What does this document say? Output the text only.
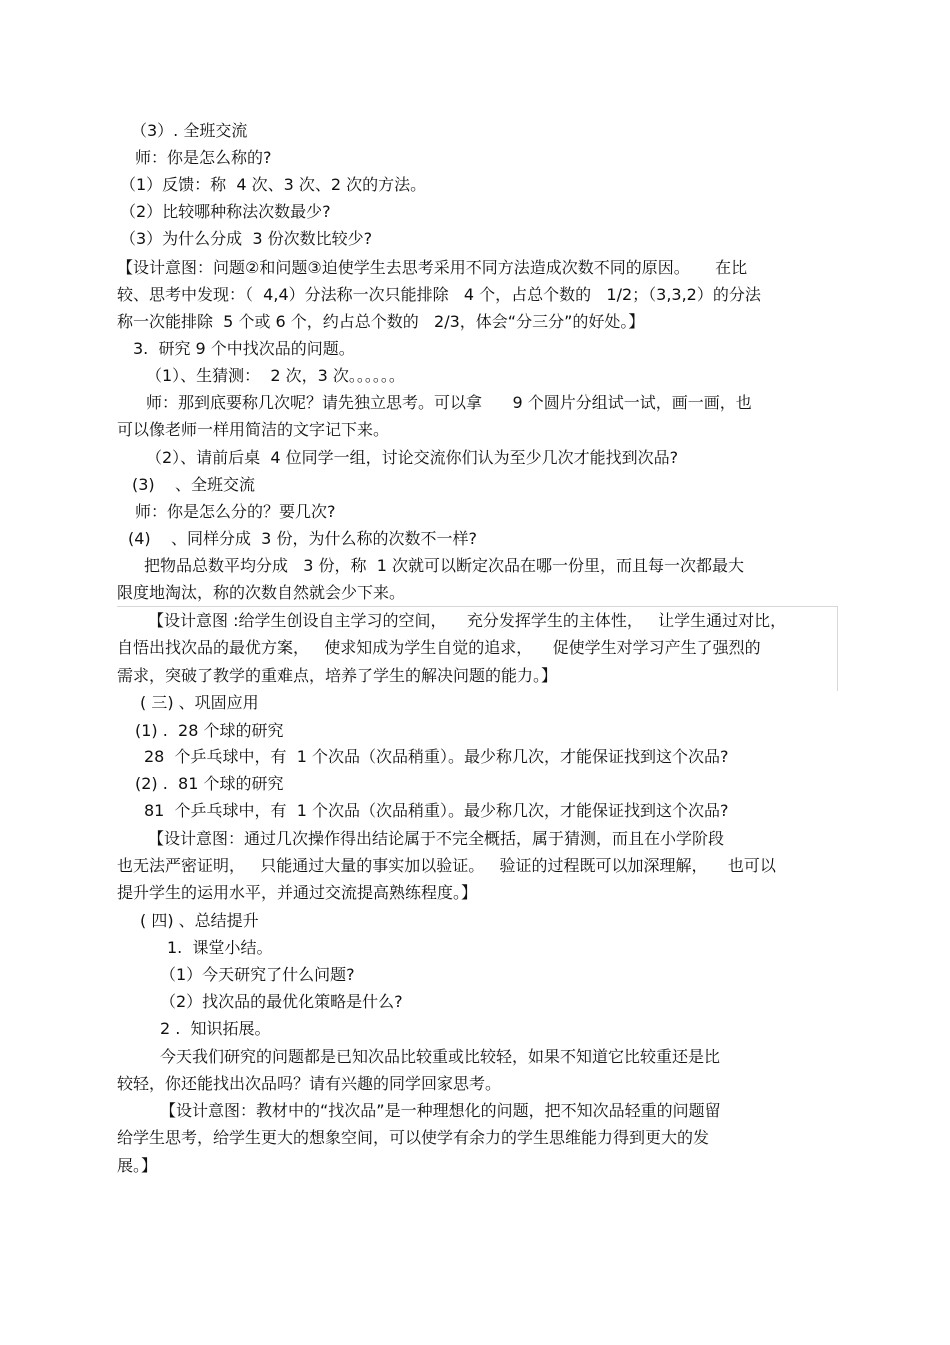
（3）. 全班交流
师：你是怎么称的?
（1）反馈：称  4 次、3 次、2 次的方法。
（2）比较哪种称法次数最少?
（3）为什么分成  3 份次数比较少?
【设计意图：问题②和问题③迫使学生去思考采用不同方法造成次数不同的原因。     在比
较、思考中发现：（  4,4）分法称一次只能排除   4 个，占总个数的   1/2；（3,3,2）的分法
称一次能排除  5 个或 6 个，约占总个数的   2/3，体会“分三分”的好处。】
3.  研究 9 个中找次品的问题。
（1）、生猜测：  2 次，3 次。。。。。。
师：那到底要称几次呢？请先独立思考。可以拿      9 个圆片分组试一试，画一画，也
可以像老师一样用简洁的文字记下来。
（2）、请前后桌  4 位同学一组，讨论交流你们认为至少几次才能找到次品?
(3)    、全班交流
师：你是怎么分的？要几次?
(4)    、同样分成  3 份，为什么称的次数不一样?
把物品总数平均分成   3 份，称  1 次就可以断定次品在哪一份里，而且每一次都最大
限度地淘汰，称的次数自然就会少下来。
【设计意图 :给学生创设自主学习的空间，    充分发挥学生的主体性，   让学生通过对比，
自悟出找次品的最优方案，   使求知成为学生自觉的追求，    促使学生对学习产生了强烈的
需求，突破了教学的重难点，培养了学生的解决问题的能力。】
( 三) 、巩固应用
(1) .  28 个球的研究
28  个乒乓球中，有  1 个次品（次品稍重）。最少称几次，才能保证找到这个次品?
(2) .  81 个球的研究
81  个乒乓球中，有  1 个次品（次品稍重）。最少称几次，才能保证找到这个次品?
【设计意图：通过几次操作得出结论属于不完全概括，属于猜测，而且在小学阶段
也无法严密证明，   只能通过大量的事实加以验证。   验证的过程既可以加深理解，    也可以
提升学生的运用水平，并通过交流提高熟练程度。】
( 四) 、总结提升
1.  课堂小结。
（1）今天研究了什么问题?
（2）找次品的最优化策略是什么?
2 .  知识拓展。
今天我们研究的问题都是已知次品比较重或比较轻，如果不知道它比较重还是比
较轻，你还能找出次品吗？请有兴趣的同学回家思考。
【设计意图：教材中的“找次品”是一种理想化的问题，把不知次品轻重的问题留
给学生思考，给学生更大的想象空间，可以使学有余力的学生思维能力得到更大的发
展。】
